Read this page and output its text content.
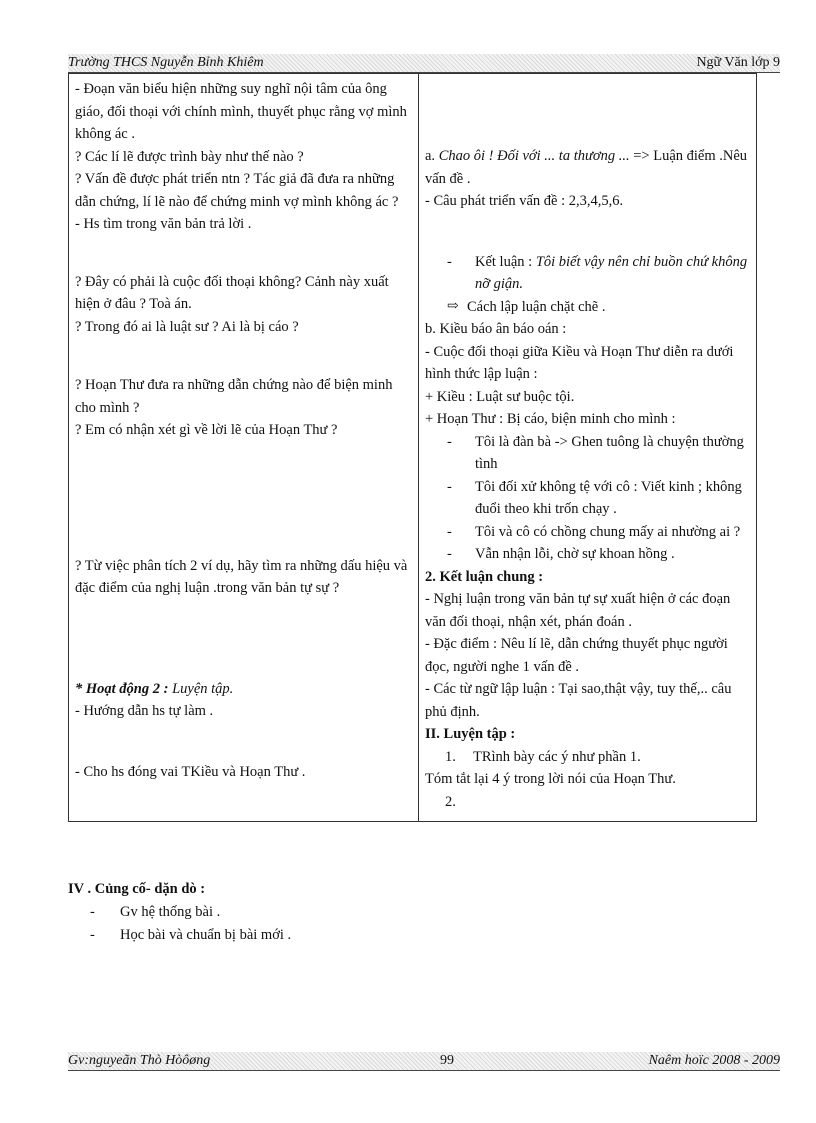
Trường THCS Nguyễn Bỉnh Khiêm	Ngữ Văn lớp 9
- Đoạn văn biểu hiện những suy nghĩ nội tâm của ông giáo, đối thoại với chính mình, thuyết phục rằng vợ mình không ác .
? Các lí lẽ được trình bày như thế nào ?
? Vấn đề được phát triển ntn ? Tác giả đã đưa ra những dẫn chứng, lí lẽ nào để chứng minh vợ mình không ác ?
- Hs tìm trong văn bản trả lời .
? Đây có phải là cuộc đối thoại không? Cảnh này xuất hiện ở đâu ? Toà án.
? Trong đó ai là luật sư ? Ai là bị cáo ?
? Hoạn Thư đưa ra những dẫn chứng nào để biện minh cho mình ?
? Em có nhận xét gì về lời lẽ của Hoạn Thư ?
? Từ việc phân tích 2 ví dụ, hãy tìm ra những dấu hiệu và đặc điểm của nghị luận .trong văn bản tự sự ?
* Hoạt động 2 : Luyện tập.
- Hướng dẫn hs tự làm .
- Cho hs đóng vai TKiều và Hoạn Thư .

a. Chao ôi ! Đối với ... ta thương ... => Luận điểm .Nêu vấn đề .
- Câu phát triển vấn đề : 2,3,4,5,6.
-	Kết luận : Tôi biết vậy nên chỉ buồn chứ không nỡ giận.
⇨ Cách lập luận chặt chẽ .
b. Kiều báo ân báo oán :
- Cuộc đối thoại giữa Kiều và Hoạn Thư diễn ra dưới hình thức lập luận :
+ Kiều : Luật sư buộc tội.
+ Hoạn Thư : Bị cáo, biện minh cho mình :
-	Tôi là đàn bà -> Ghen tuông là chuyện thường tình
-	Tôi đối xử không tệ với cô : Viết kinh ; không đuổi theo khi trốn chạy .
-	Tôi và cô có chồng chung mấy ai nhường ai ?
-	Vẫn nhận lỗi, chờ sự khoan hồng .
2. Kết luận chung :
- Nghị luận trong văn bản tự sự xuất hiện ở các đoạn văn đối thoại, nhận xét, phán đoán .
- Đặc điểm : Nêu lí lẽ, dẫn chứng thuyết phục người đọc, người nghe 1 vấn đề .
- Các từ ngữ lập luận : Tại sao,thật vậy, tuy thế,.. câu phủ định.
II. Luyện tập :
1.	TRình bày các ý như phần 1.
Tóm tắt lại 4 ý trong lời nói của Hoạn Thư.
2.
IV . Củng cố- dặn dò :
-	Gv hệ thống bài .
-	Học bài và chuẩn bị bài mới .
Gv:nguyeãn Thò Hòôøng	99	Naêm hoïc 2008 - 2009
